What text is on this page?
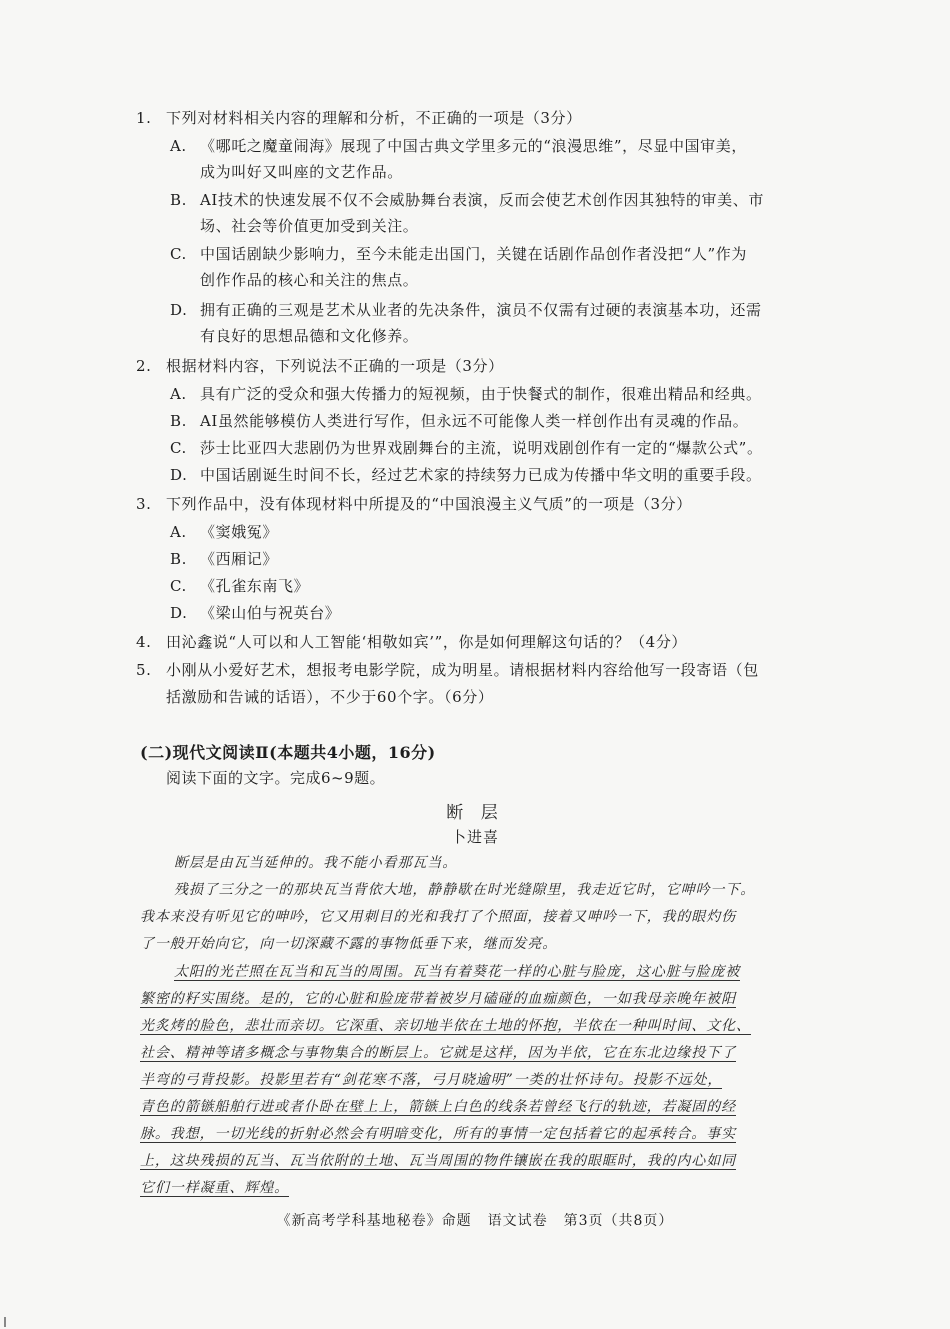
1. 下列对材料相关内容的理解和分析，不正确的一项是（3分）
A. 《哪吒之魔童闹海》展现了中国古典文学里多元的“浪漫思维”，尽显中国审美，
成为叫好又叫座的文艺作品。
B. AI技术的快速发展不仅不会威胁舞台表演，反而会使艺术创作因其独特的审美、市
场、社会等价值更加受到关注。
C. 中国话剧缺少影响力，至今未能走出国门，关键在话剧作品创作者没把“人”作为
创作作品的核心和关注的焦点。
D. 拥有正确的三观是艺术从业者的先决条件，演员不仅需有过硬的表演基本功，还需
有良好的思想品德和文化修养。
2. 根据材料内容，下列说法不正确的一项是（3分）
A. 具有广泛的受众和强大传播力的短视频，由于快餐式的制作，很难出精品和经典。
B. AI虽然能够模仿人类进行写作，但永远不可能像人类一样创作出有灵魂的作品。
C. 莎士比亚四大悲剧仍为世界戏剧舞台的主流，说明戏剧创作有一定的“爆款公式”。
D. 中国话剧诞生时间不长，经过艺术家的持续努力已成为传播中华文明的重要手段。
3. 下列作品中，没有体现材料中所提及的“中国浪漫主义气质”的一项是（3分）
A. 《窦娥冤》
B. 《西厢记》
C. 《孔雀东南飞》
D. 《梁山伯与祝英台》
4. 田沁鑫说“人可以和人工智能‘相敬如宾’”，你是如何理解这句话的？（4分）
5. 小刚从小爱好艺术，想报考电影学院，成为明星。请根据材料内容给他写一段寄语（包
括激励和告诫的话语），不少于60个字。（6分）
(二)现代文阅读Ⅱ(本题共4小题，16分)
阅读下面的文字。完成6~9题。
断 层
卜进喜
断层是由瓦当延伸的。我不能小看那瓦当。
残损了三分之一的那块瓦当背依大地，静静歇在时光缝隙里，我走近它时，它呻吟一下。
我本来没有听见它的呻吟，它又用刺目的光和我打了个照面，接着又呻吟一下，我的眼灼伤
了一般开始向它，向一切深藏不露的事物低垂下来，继而发亮。
太阳的光芒照在瓦当和瓦当的周围。瓦当有着葵花一样的心脏与脸庞，这心脏与脸庞被
繁密的籽实围绕。是的，它的心脏和脸庞带着被岁月磕碰的血痂颜色，一如我母亲晚年被阳
光炙烤的脸色，悲壮而亲切。它深重、亲切地半依在土地的怀抱，半依在一种叫时间、文化、
社会、精神等诸多概念与事物集合的断层上。它就是这样，因为半依，它在东北边缘投下了
半弯的弓背投影。投影里若有“剑花寒不落，弓月晓逾明”一类的壮怀诗句。投影不远处，
青色的箭镞船舶行进或者仆卧在壁上上，箭镞上白色的线条若曾经飞行的轨迹，若凝固的经
脉。我想，一切光线的折射必然会有明暗变化，所有的事情一定包括着它的起承转合。事实
上，这块残损的瓦当、瓦当依附的土地、瓦当周围的物件镶嵌在我的眼眶时，我的内心如同
它们一样凝重、辉煌。
《新高考学科基地秘卷》命题 语文试卷 第3页（共8页）
